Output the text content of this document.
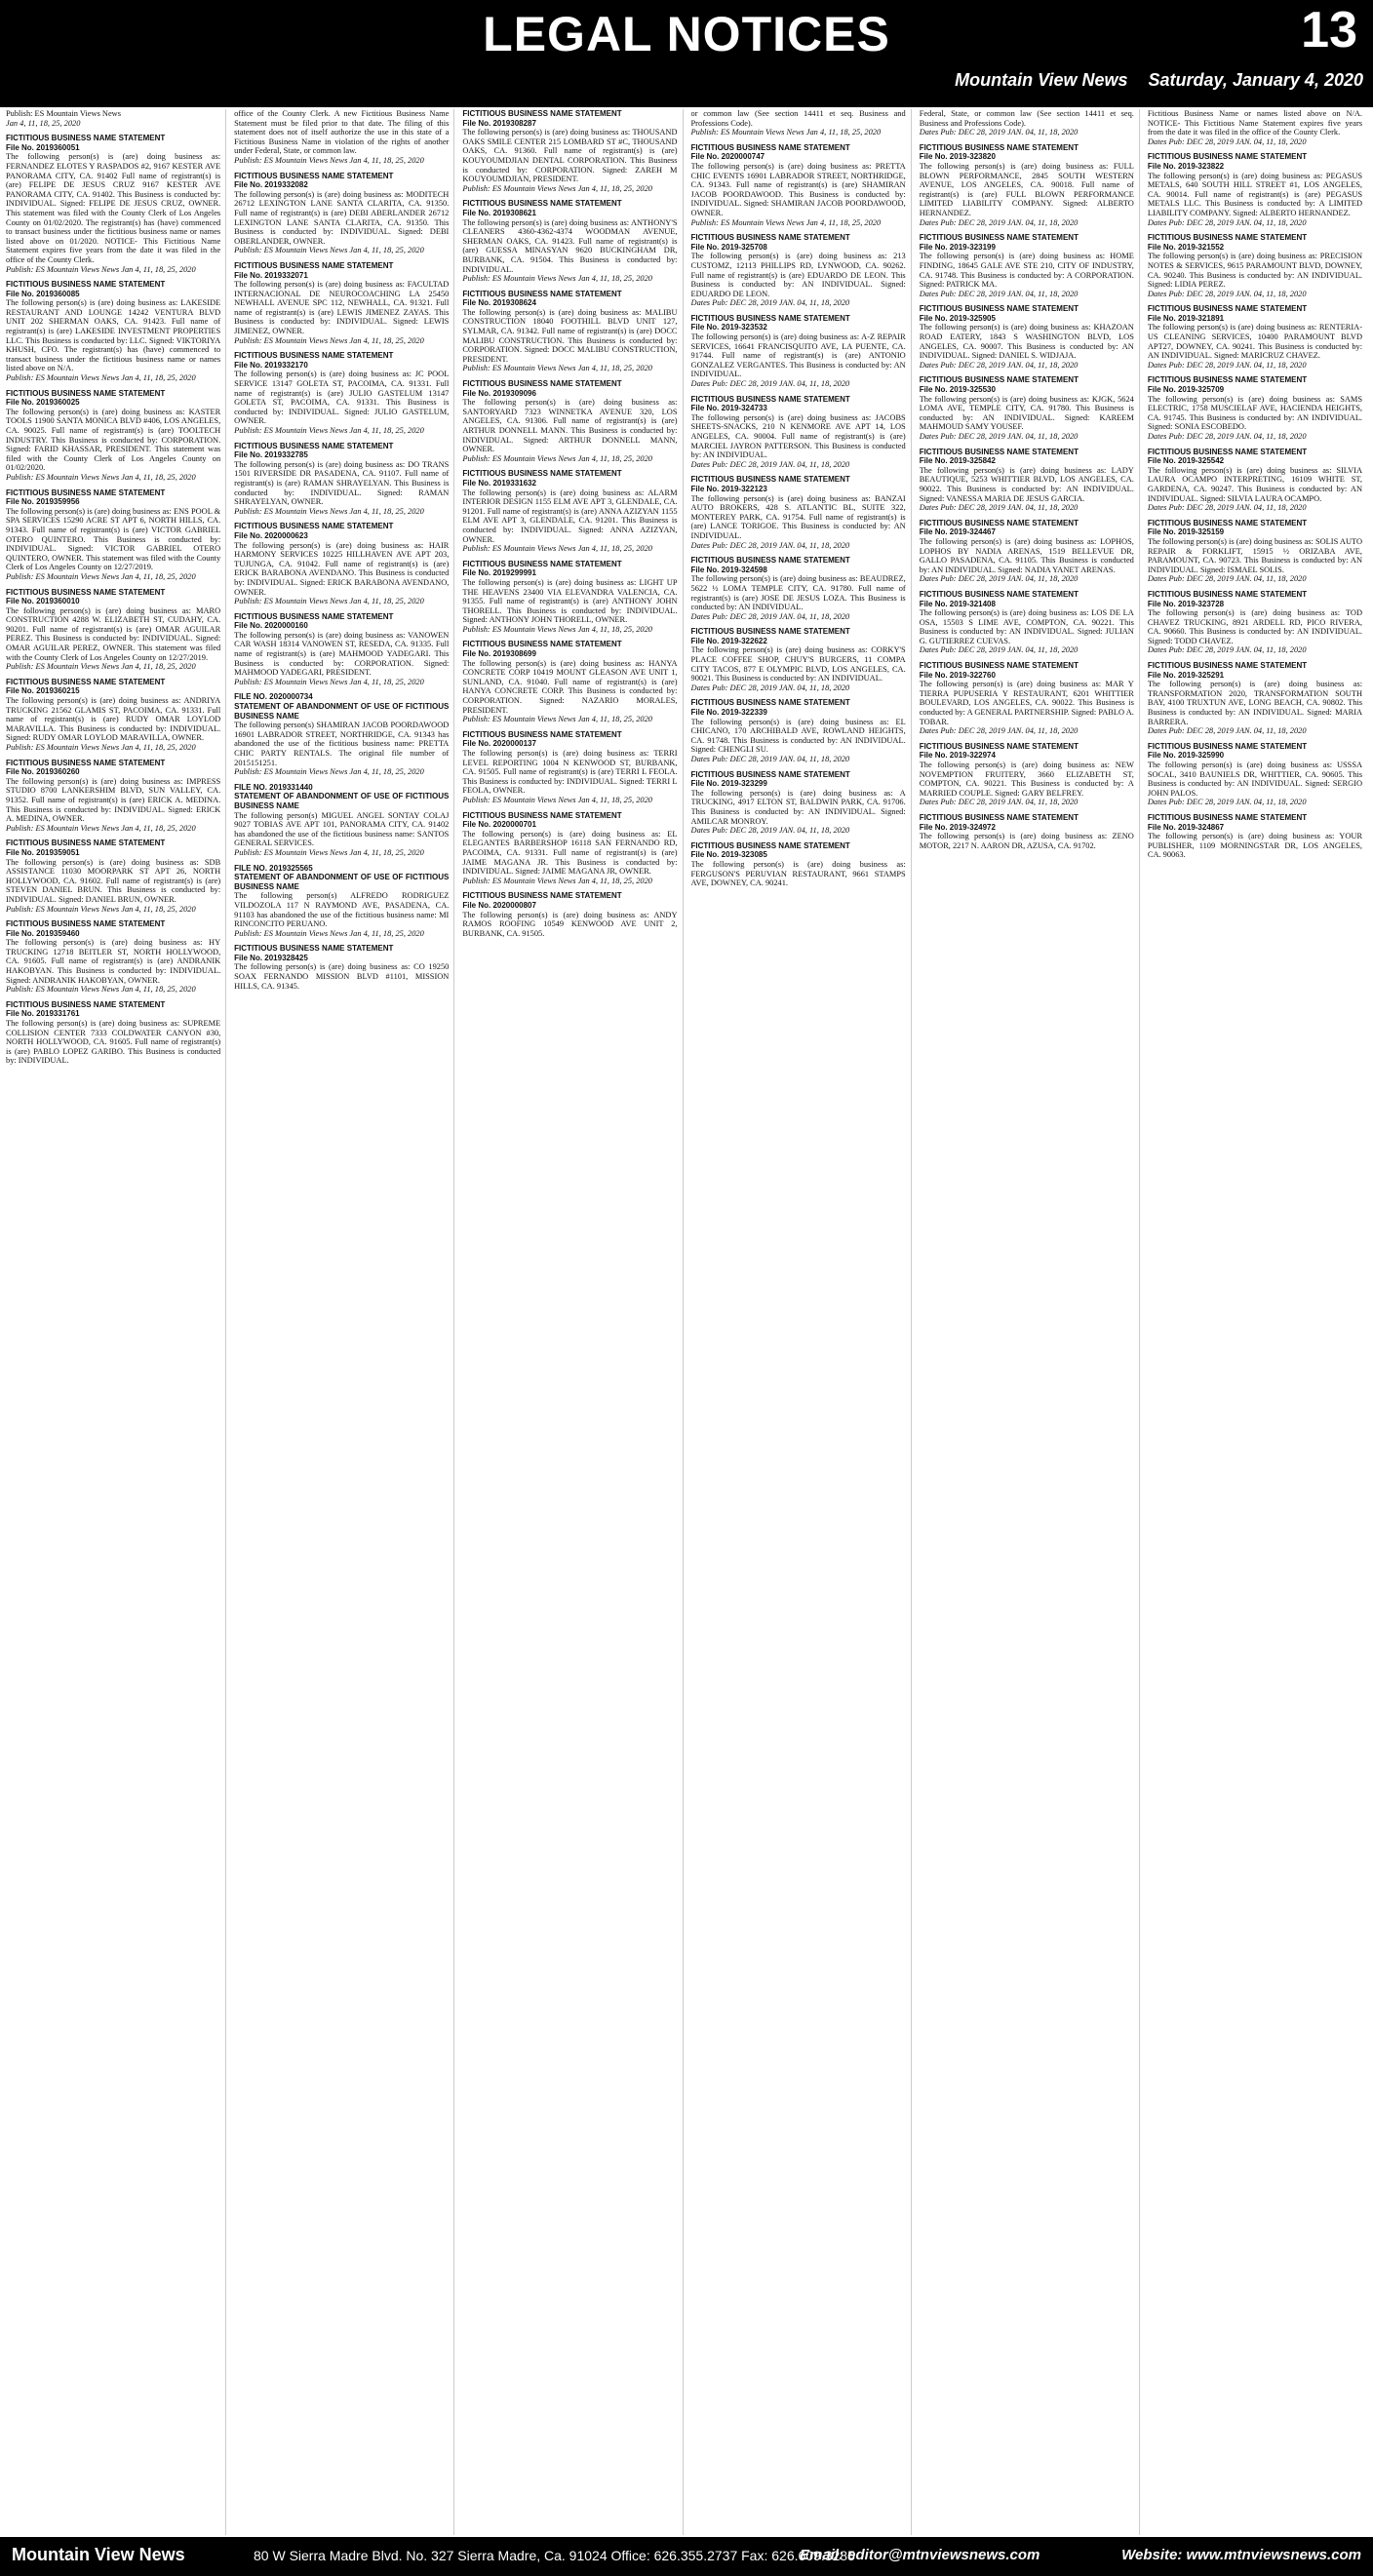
LEGAL NOTICES	13
Mountain View News Saturday, January 4, 2020
Publish: ES Mountain Views News
Jan 4, 11, 18, 25, 2020
FICTITIOUS BUSINESS NAME STATEMENT
File No. 2019360051
The following person(s) is (are) doing business as: FERNANDEZ ELOTES Y RASPADOS #2, 9167 KESTER AVE PANORAMA CITY, CA. 91402 Full name of registrant(s) is (are) FELIPE DE JESUS CRUZ 9167 KESTER AVE PANORAMA CITY, CA. 91402. This Business is conducted by: INDIVIDUAL. Signed: FELIPE DE JESUS CRUZ, OWNER. This statement was filed with the County Clerk of Los Angeles County on 01/02/2020. The registrant(s) has (have) commenced to transact business under the fictitious business name or names listed above on 01/2020. NOTICE- This Fictitious Name Statement expires five years from the date it was filed in the office of the County Clerk.
Publish: ES Mountain Views News Jan 4, 11, 18, 25, 2020
FICTITIOUS BUSINESS NAME STATEMENT
File No. 2019360085
The following person(s) is (are) doing business as: LAKESIDE RESTAURANT AND LOUNGE 14242 VENTURA BLVD UNIT 202 SHERMAN OAKS, CA. 91423. Full name of registrant(s) is (are) LAKESIDE INVESTMENT PROPERTIES LLC. This Business is conducted by: LLC. Signed: VIKTORIYA KHUSH, CFO. The registrant(s) has (have) commenced to transact business under the fictitious business name or names listed above on N/A.
Publish: ES Mountain Views News Jan 4, 11, 18, 25, 2020
FICTITIOUS BUSINESS NAME STATEMENT
File No. 2019360025
The following person(s) is (are) doing business as: KASTER TOOLS 11900 SANTA MONICA BLVD #406, LOS ANGELES, CA. 90025. Full name of registrant(s) is (are) TOOLTECH INDUSTRY. This Business is conducted by: CORPORATION. Signed: FARID KHASSAR, PRESIDENT. This statement was filed with the County Clerk of Los Angeles County on 01/02/2020.
Publish: ES Mountain Views News Jan 4, 11, 18, 25, 2020
FICTITIOUS BUSINESS NAME STATEMENT
File No. 2019359956
The following person(s) is (are) doing business as: ENS POOL & SPA SERVICES 15290 ACRE ST APT 6, NORTH HILLS, CA. 91343. Full name of registrant(s) is (are) VICTOR GABRIEL OTERO QUINTERO. This Business is conducted by: INDIVIDUAL. Signed: VICTOR GABRIEL OTERO QUINTERO, OWNER. This statement was filed with the County Clerk of Los Angeles County on 12/27/2019.
Publish: ES Mountain Views News Jan 4, 11, 18, 25, 2020
FICTITIOUS BUSINESS NAME STATEMENT
File No. 2019360010
The following person(s) is (are) doing business as: MARO CONSTRUCTION 4288 W. ELIZABETH ST, CUDAHY, CA. 90201. Full name of registrant(s) is (are) OMAR AGUILAR PEREZ. This Business is conducted by: INDIVIDUAL. Signed: OMAR AGUILAR PEREZ, OWNER. This statement was filed with the County Clerk of Los Angeles County on 12/27/2019.
Publish: ES Mountain Views News Jan 4, 11, 18, 25, 2020
FICTITIOUS BUSINESS NAME STATEMENT
File No. 2019360215
The following person(s) is (are) doing business as: ANDRIYA TRUCKING 21562 GLAMIS ST, PACOIMA, CA. 91331. Full name of registrant(s) is (are) RUDY OMAR LOYLOD MARAVILLA. This Business is conducted by: INDIVIDUAL. Signed: RUDY OMAR LOYLOD MARAVILLA, OWNER.
Publish: ES Mountain Views News Jan 4, 11, 18, 25, 2020
FICTITIOUS BUSINESS NAME STATEMENT
File No. 2019360260
The following person(s) is (are) doing business as: IMPRESS STUDIO 8700 LANKERSHIM BLVD, SUN VALLEY, CA. 91352. Full name of registrant(s) is (are) ERICK A. MEDINA. This Business is conducted by: INDIVIDUAL. Signed: ERICK A. MEDINA, OWNER.
Publish: ES Mountain Views News Jan 4, 11, 18, 25, 2020
FICTITIOUS BUSINESS NAME STATEMENT
File No. 2019359051
The following person(s) is (are) doing business as: SDB ASSISTANCE 11030 MOORPARK ST APT 26, NORTH HOLLYWOOD, CA. 91602. Full name of registrant(s) is (are) STEVEN DANIEL BRUN. This Business is conducted by: INDIVIDUAL. Signed: DANIEL BRUN, OWNER.
Publish: ES Mountain Views News Jan 4, 11, 18, 25, 2020
FICTITIOUS BUSINESS NAME STATEMENT
File No. 2019359460
The following person(s) is (are) doing business as: HY TRUCKING 12718 BEITLER ST, NORTH HOLLYWOOD, CA. 91605. Full name of registrant(s) is (are) ANDRANIK HAKOBYAN. This Business is conducted by: INDIVIDUAL. Signed: ANDRANIK HAKOBYAN, OWNER.
Publish: ES Mountain Views News Jan 4, 11, 18, 25, 2020
FICTITIOUS BUSINESS NAME STATEMENT
File No. 2019331761
The following person(s) is (are) doing business as: SUPREME COLLISION CENTER 7333 COLDWATER CANYON #30, NORTH HOLLYWOOD, CA. 91605. Full name of registrant(s) is (are) PABLO LOPEZ GARIBO. This Business is conducted by: INDIVIDUAL.
office of the County Clerk. A new Fictitious Business Name Statement must be filed prior to that date. The filing of this statement does not of itself authorize the use in this state of a Fictitious Business Name in violation of the rights of another under Federal, State, or common law.
Publish: ES Mountain Views News Jan 4, 11, 18, 25, 2020
FICTITIOUS BUSINESS NAME STATEMENT
File No. 2019332082
The following person(s) is (are) doing business as: MODITECH 26712 LEXINGTON LANE SANTA CLARITA, CA. 91350. Full name of registrant(s) is (are) DEBI ABERLANDER 26712 LEXINGTON LANE SANTA CLARITA, CA. 91350. This Business is conducted by: INDIVIDUAL. Signed: DEBI OBERLANDER, OWNER.
Publish: ES Mountain Views News Jan 4, 11, 18, 25, 2020
FICTITIOUS BUSINESS NAME STATEMENT
File No. 2019332071
The following person(s) is (are) doing business as: FACULTAD INTERNACIONAL DE NEUROCOACHING LA 25450 NEWHALL AVENUE SPC 112, NEWHALL, CA. 91321. Full name of registrant(s) is (are) LEWIS JIMENEZ ZAYAS. This Business is conducted by: INDIVIDUAL. Signed: LEWIS JIMENEZ, OWNER.
Publish: ES Mountain Views News Jan 4, 11, 18, 25, 2020
FICTITIOUS BUSINESS NAME STATEMENT
File No. 2019332170
The following person(s) is (are) doing business as: JC POOL SERVICE 13147 GOLETA ST, PACOIMA, CA. 91331. Full name of registrant(s) is (are) JULIO GASTELUM 13147 GOLETA ST, PACOIMA, CA. 91331. This Business is conducted by: INDIVIDUAL. Signed: JULIO GASTELUM, OWNER.
Publish: ES Mountain Views News Jan 4, 11, 18, 25, 2020
FICTITIOUS BUSINESS NAME STATEMENT
File No. 2019332785
The following person(s) is (are) doing business as: DO TRANS 1501 RIVERSIDE DR PASADENA, CA. 91107. Full name of registrant(s) is (are) RAMAN SHRAYELYAN. This Business is conducted by: INDIVIDUAL. Signed: RAMAN SHRAYELYAN, OWNER.
Publish: ES Mountain Views News Jan 4, 11, 18, 25, 2020
FICTITIOUS BUSINESS NAME STATEMENT
File No. 2020000623
The following person(s) is (are) doing business as: HAIR HARMONY SERVICES 10225 HILLHAVEN AVE APT 203, TUJUNGA, CA. 91042. Full name of registrant(s) is (are) ERICK BARABONA AVENDANO. This Business is conducted by: INDIVIDUAL. Signed: ERICK BARABONA AVENDANO, OWNER.
Publish: ES Mountain Views News Jan 4, 11, 18, 25, 2020
FICTITIOUS BUSINESS NAME STATEMENT
File No. 2020000160
The following person(s) is (are) doing business as: VANOWEN CAR WASH 18314 VANOWEN ST, RESEDA, CA. 91335. Full name of registrant(s) is (are) MAHMOOD YADEGARI. This Business is conducted by: CORPORATION. Signed: MAHMOOD YADEGARI, PRESIDENT.
Publish: ES Mountain Views News Jan 4, 11, 18, 25, 2020
FILE NO. 2020000734
STATEMENT OF ABANDONMENT OF USE OF FICTITIOUS BUSINESS NAME
The following person(s) SHAMIRAN JACOB POORDAWOOD 16901 LABRADOR STREET, NORTHRIDGE, CA. 91343 has abandoned the use of the fictitious business name: PRETTA CHIC PARTY RENTALS. The original file number of 2015151251.
Publish: ES Mountain Views News Jan 4, 11, 18, 25, 2020
FILE NO. 2019331440
STATEMENT OF ABANDONMENT OF USE OF FICTITIOUS BUSINESS NAME
The following person(s) MIGUEL ANGEL SONTAY COLAJ 9027 TOBIAS AVE APT 101, PANORAMA CITY, CA. 91402 has abandoned the use of the fictitious business name: SANTOS GENERAL SERVICES.
Publish: ES Mountain Views News Jan 4, 11, 18, 25, 2020
FILE NO. 2019325565
STATEMENT OF ABANDONMENT OF USE OF FICTITIOUS BUSINESS NAME
The following person(s) ALFREDO RODRIGUEZ VILDOZOLA 117 N RAYMOND AVE, PASADENA, CA. 91103 has abandoned the use of the fictitious business name: MI RINCONCITO PERUANO.
Publish: ES Mountain Views News Jan 4, 11, 18, 25, 2020
FICTITIOUS BUSINESS NAME STATEMENT
File No. 2019328425
The following person(s) is (are) doing business as: CO 19250 SOAX FERNANDO MISSION BLVD #1101, MISSION HILLS, CA. 91345.
FICTITIOUS BUSINESS NAME STATEMENT
File No. 2019308287
The following person(s) is (are) doing business as: THOUSAND OAKS SMILE CENTER 215 LOMBARD ST #C, THOUSAND OAKS, CA. 91360. Full name of registrant(s) is (are) KOUYOUMDJIAN DENTAL CORPORATION. This Business is conducted by: CORPORATION. Signed: ZAREH M KOUYOUMDJIAN, PRESIDENT.
Publish: ES Mountain Views News Jan 4, 11, 18, 25, 2020
FICTITIOUS BUSINESS NAME STATEMENT
File No. 2019308621
The following person(s) is (are) doing business as: ANTHONY'S CLEANERS 4360-4362-4374 WOODMAN AVENUE, SHERMAN OAKS, CA. 91423. Full name of registrant(s) is (are) GUESSA MINASYAN 9620 BUCKINGHAM DR, BURBANK, CA. 91504. This Business is conducted by: INDIVIDUAL.
Publish: ES Mountain Views News Jan 4, 11, 18, 25, 2020
FICTITIOUS BUSINESS NAME STATEMENT
File No. 2019308624
The following person(s) is (are) doing business as: MALIBU CONSTRUCTION 18040 FOOTHILL BLVD UNIT 127, SYLMAR, CA. 91342. Full name of registrant(s) is (are) DOCC MALIBU CONSTRUCTION. This Business is conducted by: CORPORATION. Signed: DOCC MALIBU CONSTRUCTION, PRESIDENT.
Publish: ES Mountain Views News Jan 4, 11, 18, 25, 2020
FICTITIOUS BUSINESS NAME STATEMENT
File No. 2019309096
The following person(s) is (are) doing business as: SANTORYARD 7323 WINNETKA AVENUE 320, LOS ANGELES, CA. 91306. Full name of registrant(s) is (are) ARTHUR DONNELL MANN. This Business is conducted by: INDIVIDUAL. Signed: ARTHUR DONNELL MANN, OWNER.
Publish: ES Mountain Views News Jan 4, 11, 18, 25, 2020
FICTITIOUS BUSINESS NAME STATEMENT
File No. 2019331632
The following person(s) is (are) doing business as: ALARM INTERIOR DESIGN 1155 ELM AVE APT 3, GLENDALE, CA. 91201. Full name of registrant(s) is (are) ANNA AZIZYAN 1155 ELM AVE APT 3, GLENDALE, CA. 91201. This Business is conducted by: INDIVIDUAL. Signed: ANNA AZIZYAN, OWNER.
Publish: ES Mountain Views News Jan 4, 11, 18, 25, 2020
FICTITIOUS BUSINESS NAME STATEMENT
File No. 2019299991
The following person(s) is (are) doing business as: LIGHT UP THE HEAVENS 23400 VIA ELEVANDRA VALENCIA, CA. 91355. Full name of registrant(s) is (are) ANTHONY JOHN THORELL. This Business is conducted by: INDIVIDUAL. Signed: ANTHONY JOHN THORELL, OWNER.
Publish: ES Mountain Views News Jan 4, 11, 18, 25, 2020
FICTITIOUS BUSINESS NAME STATEMENT
File No. 2019308699
The following person(s) is (are) doing business as: HANYA CONCRETE CORP 10419 MOUNT GLEASON AVE UNIT 1, SUNLAND, CA. 91040. Full name of registrant(s) is (are) HANYA CONCRETE CORP. This Business is conducted by: CORPORATION. Signed: NAZARIO MORALES, PRESIDENT.
Publish: ES Mountain Views News Jan 4, 11, 18, 25, 2020
FICTITIOUS BUSINESS NAME STATEMENT
File No. 2020000137
The following person(s) is (are) doing business as: TERRI LEVEL REPORTING 1004 N KENWOOD ST, BURBANK, CA. 91505. Full name of registrant(s) is (are) TERRI L FEOLA. This Business is conducted by: INDIVIDUAL. Signed: TERRI L FEOLA, OWNER.
Publish: ES Mountain Views News Jan 4, 11, 18, 25, 2020
FICTITIOUS BUSINESS NAME STATEMENT
File No. 2020000701
The following person(s) is (are) doing business as: EL ELEGANTES BARBERSHOP 16118 SAN FERNANDO RD, PACOIMA, CA. 91331. Full name of registrant(s) is (are) JAIME MAGANA JR. This Business is conducted by: INDIVIDUAL. Signed: JAIME MAGANA JR, OWNER.
Publish: ES Mountain Views News Jan 4, 11, 18, 25, 2020
FICTITIOUS BUSINESS NAME STATEMENT
File No. 2020000807
The following person(s) is (are) doing business as: ANDY RAMOS ROOFING 10549 KENWOOD AVE UNIT 2, BURBANK, CA. 91505.
or common law (See section 14411 et seq. Business and Professions Code).
Publish: ES Mountain Views News Jan 4, 11, 18, 25, 2020
FICTITIOUS BUSINESS NAME STATEMENT
File No. 2020000747
The following person(s) is (are) doing business as: PRETTA CHIC EVENTS 16901 LABRADOR STREET, NORTHRIDGE, CA. 91343. Full name of registrant(s) is (are) SHAMIRAN JACOB POORDAWOOD. This Business is conducted by: INDIVIDUAL. Signed: SHAMIRAN JACOB POORDAWOOD, OWNER.
Publish: ES Mountain Views News Jan 4, 11, 18, 25, 2020
FICTITIOUS BUSINESS NAME STATEMENT
File No. 2019-325708
The following person(s) is (are) doing business as: 213 CUSTOMZ, 12113 PHILLIPS RD, LYNWOOD, CA. 90262. Full name of registrant(s) is (are) EDUARDO DE LEON. This Business is conducted by: AN INDIVIDUAL. Signed: EDUARDO DE LEON.
Dates Pub: DEC 28, 2019 JAN. 04, 11, 18, 2020
FICTITIOUS BUSINESS NAME STATEMENT
File No. 2019-323532
The following person(s) is (are) doing business as: A-Z REPAIR SERVICES, 16641 FRANCISQUITO AVE, LA PUENTE, CA. 91744. Full name of registrant(s) is (are) ANTONIO GONZALEZ VERGANTES. This Business is conducted by: AN INDIVIDUAL.
Dates Pub: DEC 28, 2019 JAN. 04, 11, 18, 2020
FICTITIOUS BUSINESS NAME STATEMENT
File No. 2019-324733
The following person(s) is (are) doing business as: JACOBS SHEETS-SNACKS, 210 N KENMORE AVE APT 14, LOS ANGELES, CA. 90004. Full name of registrant(s) is (are) MARCIEL JAYRON PATTERSON. This Business is conducted by: AN INDIVIDUAL.
Dates Pub: DEC 28, 2019 JAN. 04, 11, 18, 2020
FICTITIOUS BUSINESS NAME STATEMENT
File No. 2019-322123
The following person(s) is (are) doing business as: BANZAI AUTO BROKERS, 428 S. ATLANTIC BL, SUITE 322, MONTEREY PARK, CA. 91754. Full name of registrant(s) is (are) LANCE TORIGOE. This Business is conducted by: AN INDIVIDUAL.
Dates Pub: DEC 28, 2019 JAN. 04, 11, 18, 2020
FICTITIOUS BUSINESS NAME STATEMENT
File No. 2019-324598
The following person(s) is (are) doing business as: BEAUDREZ, 5622 ½ LOMA TEMPLE CITY, CA. 91780. Full name of registrant(s) is (are) JOSE DE JESUS LOZA. This Business is conducted by: AN INDIVIDUAL.
Dates Pub: DEC 28, 2019 JAN. 04, 11, 18, 2020
FICTITIOUS BUSINESS NAME STATEMENT
File No. 2019-322622
The following person(s) is (are) doing business as: CORKY'S PLACE COFFEE SHOP, CHUY'S BURGERS, 11 COMPA CITY TACOS, 877 E OLYMPIC BLVD, LOS ANGELES, CA. 90021. This Business is conducted by: AN INDIVIDUAL.
Dates Pub: DEC 28, 2019 JAN. 04, 11, 18, 2020
FICTITIOUS BUSINESS NAME STATEMENT
File No. 2019-322339
The following person(s) is (are) doing business as: EL CHICANO, 170 ARCHIBALD AVE, ROWLAND HEIGHTS, CA. 91748. This Business is conducted by: AN INDIVIDUAL. Signed: CHENGLI SU.
Dates Pub: DEC 28, 2019 JAN. 04, 11, 18, 2020
FICTITIOUS BUSINESS NAME STATEMENT
File No. 2019-323299
The following person(s) is (are) doing business as: A TRUCKING, 4917 ELTON ST, BALDWIN PARK, CA. 91706. This Business is conducted by: AN INDIVIDUAL. Signed: AMILCAR MONROY.
Dates Pub: DEC 28, 2019 JAN. 04, 11, 18, 2020
FICTITIOUS BUSINESS NAME STATEMENT
File No. 2019-323085
The following person(s) is (are) doing business as: FERGUSON'S PERUVIAN RESTAURANT, 9661 STAMPS AVE, DOWNEY, CA. 90241.
Federal, State, or common law (See section 14411 et seq. Business and Professions Code).
Dates Pub: DEC 28, 2019 JAN. 04, 11, 18, 2020
FICTITIOUS BUSINESS NAME STATEMENT
File No. 2019-323820
The following person(s) is (are) doing business as: FULL BLOWN PERFORMANCE, 2845 SOUTH WESTERN AVENUE, LOS ANGELES, CA. 90018. Full name of registrant(s) is (are) FULL BLOWN PERFORMANCE LIMITED LIABILITY COMPANY. Signed: ALBERTO HERNANDEZ.
Dates Pub: DEC 28, 2019 JAN. 04, 11, 18, 2020
FICTITIOUS BUSINESS NAME STATEMENT
File No. 2019-323199
The following person(s) is (are) doing business as: HOME FINDING, 18645 GALE AVE STE 210, CITY OF INDUSTRY, CA. 91748. This Business is conducted by: A CORPORATION. Signed: PATRICK MA.
Dates Pub: DEC 28, 2019 JAN. 04, 11, 18, 2020
FICTITIOUS BUSINESS NAME STATEMENT
File No. 2019-325905
The following person(s) is (are) doing business as: KHAZOAN ROAD EATERY, 1843 S WASHINGTON BLVD, LOS ANGELES, CA. 90007. This Business is conducted by: AN INDIVIDUAL. Signed: DANIEL S. WIDJAJA.
Dates Pub: DEC 28, 2019 JAN. 04, 11, 18, 2020
FICTITIOUS BUSINESS NAME STATEMENT
File No. 2019-325530
The following person(s) is (are) doing business as: KJGK, 5624 LOMA AVE, TEMPLE CITY, CA. 91780. This Business is conducted by: AN INDIVIDUAL. Signed: KAREEM MAHMOUD SAMY YOUSEF.
Dates Pub: DEC 28, 2019 JAN. 04, 11, 18, 2020
FICTITIOUS BUSINESS NAME STATEMENT
File No. 2019-325842
The following person(s) is (are) doing business as: LADY BEAUTIQUE, 5253 WHITTIER BLVD, LOS ANGELES, CA. 90022. This Business is conducted by: AN INDIVIDUAL. Signed: VANESSA MARIA DE JESUS GARCIA.
Dates Pub: DEC 28, 2019 JAN. 04, 11, 18, 2020
FICTITIOUS BUSINESS NAME STATEMENT
File No. 2019-324467
The following person(s) is (are) doing business as: LOPHOS, LOPHOS BY NADIA ARENAS, 1519 BELLEVUE DR, GALLO PASADENA, CA. 91105. This Business is conducted by: AN INDIVIDUAL. Signed: NADIA YANET ARENAS.
Dates Pub: DEC 28, 2019 JAN. 04, 11, 18, 2020
FICTITIOUS BUSINESS NAME STATEMENT
File No. 2019-321408
The following person(s) is (are) doing business as: LOS DE LA OSA, 15503 S LIME AVE, COMPTON, CA. 90221. This Business is conducted by: AN INDIVIDUAL. Signed: JULIAN G. GUTIERREZ CUEVAS.
Dates Pub: DEC 28, 2019 JAN. 04, 11, 18, 2020
FICTITIOUS BUSINESS NAME STATEMENT
File No. 2019-322760
The following person(s) is (are) doing business as: MAR Y TIERRA PUPUSERIA Y RESTAURANT, 6201 WHITTIER BOULEVARD, LOS ANGELES, CA. 90022. This Business is conducted by: A GENERAL PARTNERSHIP. Signed: PABLO A. TOBAR.
Dates Pub: DEC 28, 2019 JAN. 04, 11, 18, 2020
FICTITIOUS BUSINESS NAME STATEMENT
File No. 2019-322974
The following person(s) is (are) doing business as: NEW NOVEMPTION FRUITERY, 3660 ELIZABETH ST, COMPTON, CA. 90221. This Business is conducted by: A MARRIED COUPLE. Signed: GARY BELFREY.
Dates Pub: DEC 28, 2019 JAN. 04, 11, 18, 2020
FICTITIOUS BUSINESS NAME STATEMENT
File No. 2019-324972
The following person(s) is (are) doing business as: ZENO MOTOR, 2217 N. AARON DR, AZUSA, CA. 91702.
Fictitious Business Name or names listed above on N/A. NOTICE- This Fictitious Name Statement expires five years from the date it was filed in the office of the County Clerk.
Dates Pub: DEC 28, 2019 JAN. 04, 11, 18, 2020
FICTITIOUS BUSINESS NAME STATEMENT
File No. 2019-323822
The following person(s) is (are) doing business as: PEGASUS METALS, 640 SOUTH HILL STREET #1, LOS ANGELES, CA. 90014. Full name of registrant(s) is (are) PEGASUS METALS LLC. This Business is conducted by: A LIMITED LIABILITY COMPANY. Signed: ALBERTO HERNANDEZ.
Dates Pub: DEC 28, 2019 JAN. 04, 11, 18, 2020
FICTITIOUS BUSINESS NAME STATEMENT
File No. 2019-321552
The following person(s) is (are) doing business as: PRECISION NOTES & SERVICES, 9615 PARAMOUNT BLVD, DOWNEY, CA. 90240. This Business is conducted by: AN INDIVIDUAL. Signed: LIDIA PEREZ.
Dates Pub: DEC 28, 2019 JAN. 04, 11, 18, 2020
FICTITIOUS BUSINESS NAME STATEMENT
File No. 2019-321891
The following person(s) is (are) doing business as: RENTERIA-US CLEANING SERVICES, 10400 PARAMOUNT BLVD APT27, DOWNEY, CA. 90241. This Business is conducted by: AN INDIVIDUAL. Signed: MARICRUZ CHAVEZ.
Dates Pub: DEC 28, 2019 JAN. 04, 11, 18, 2020
FICTITIOUS BUSINESS NAME STATEMENT
File No. 2019-325709
The following person(s) is (are) doing business as: SAMS ELECTRIC, 1758 MUSCIELAF AVE, HACIENDA HEIGHTS, CA. 91745. This Business is conducted by: AN INDIVIDUAL. Signed: SONIA ESCOBEDO.
Dates Pub: DEC 28, 2019 JAN. 04, 11, 18, 2020
FICTITIOUS BUSINESS NAME STATEMENT
File No. 2019-325542
The following person(s) is (are) doing business as: SILVIA LAURA OCAMPO INTERPRETING, 16109 WHITE ST, GARDENA, CA. 90247. This Business is conducted by: AN INDIVIDUAL. Signed: SILVIA LAURA OCAMPO.
Dates Pub: DEC 28, 2019 JAN. 04, 11, 18, 2020
FICTITIOUS BUSINESS NAME STATEMENT
File No. 2019-325159
The following person(s) is (are) doing business as: SOLIS AUTO REPAIR & FORKLIFT, 15915 ½ ORIZABA AVE, PARAMOUNT, CA. 90723. This Business is conducted by: AN INDIVIDUAL. Signed: ISMAEL SOLIS.
Dates Pub: DEC 28, 2019 JAN. 04, 11, 18, 2020
FICTITIOUS BUSINESS NAME STATEMENT
File No. 2019-323728
The following person(s) is (are) doing business as: TOD CHAVEZ TRUCKING, 8921 ARDELL RD, PICO RIVERA, CA. 90660. This Business is conducted by: AN INDIVIDUAL. Signed: TODD CHAVEZ.
Dates Pub: DEC 28, 2019 JAN. 04, 11, 18, 2020
FICTITIOUS BUSINESS NAME STATEMENT
File No. 2019-325291
The following person(s) is (are) doing business as: TRANSFORMATION 2020, TRANSFORMATION SOUTH BAY, 4100 TRUXTUN AVE, LONG BEACH, CA. 90802. This Business is conducted by: AN INDIVIDUAL. Signed: MARIA BARRERA.
Dates Pub: DEC 28, 2019 JAN. 04, 11, 18, 2020
FICTITIOUS BUSINESS NAME STATEMENT
File No. 2019-325990
The following person(s) is (are) doing business as: USSSA SOCAL, 3410 BAUNIELS DR, WHITTIER, CA. 90605. This Business is conducted by: AN INDIVIDUAL. Signed: SERGIO JOHN PALOS.
Dates Pub: DEC 28, 2019 JAN. 04, 11, 18, 2020
FICTITIOUS BUSINESS NAME STATEMENT
File No. 2019-324867
The following person(s) is (are) doing business as: YOUR PUBLISHER, 1109 MORNINGSTAR DR, LOS ANGELES, CA. 90063.
Mountain View News	80 W Sierra Madre Blvd. No. 327 Sierra Madre, Ca. 91024 Office: 626.355.2737 Fax: 626.609.3285
Email: editor@mtnviewsnews.com	Website: www.mtnviewsnews.com
